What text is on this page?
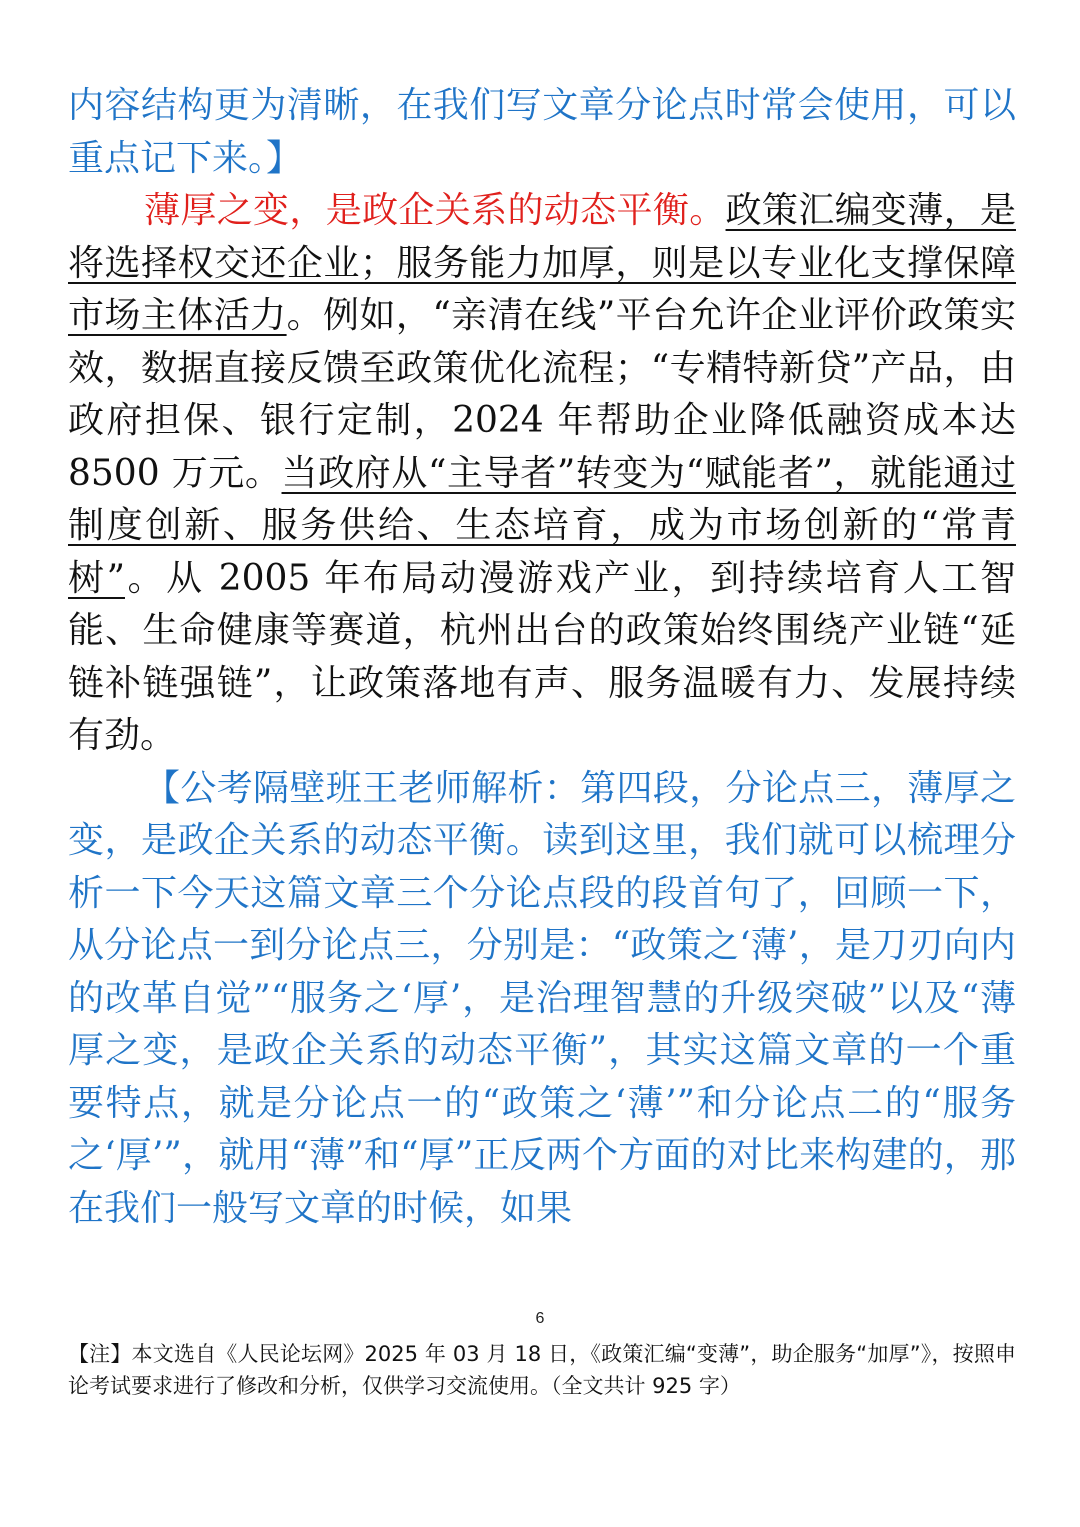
内容结构更为清晰，在我们写文章分论点时常会使用，可以重点记下来。】

薄厚之变，是政企关系的动态平衡。政策汇编变薄，是将选择权交还企业；服务能力加厚，则是以专业化支撑保障市场主体活力。例如，“亲清在线”平台允许企业评价政策实效，数据直接反馈至政策优化流程；“专精特新贷”产品，由政府担保、银行定制，2024 年帮助企业降低融资成本达 8500 万元。当政府从“主导者”转变为“赋能者”，就能通过制度创新、服务供给、生态培育，成为市场创新的“常青树”。从 2005 年布局动漫游戏产业，到持续培育人工智能、生命健康等赛道，杭州出台的政策始终围绕产业链“延链补链强链”，让政策落地有声、服务温暖有力、发展持续有劲。

【公考隔壁班王老师解析：第四段，分论点三，薄厚之变，是政企关系的动态平衡。读到这里，我们就可以梳理分析一下今天这篇文章三个分论点段的段首句了，回顾一下，从分论点一到分论点三，分别是：“政策之‘薄’，是刀刃向内的改革自觉”“服务之‘厚’，是治理智慧的升级突破”以及“薄厚之变，是政企关系的动态平衡”，其实这篇文章的一个重要特点，就是分论点一的“政策之‘薄’”和分论点二的“服务之‘厚’”，就用“薄”和“厚”正反两个方面的对比来构建的，那在我们一般写文章的时候，如果

6
【注】本文选自《人民论坛网》2025 年 03 月 18 日，《政策汇编“变薄”，助企服务“加厚”》，按照申论考试要求进行了修改和分析，仅供学习交流使用。（全文共计 925 字）
